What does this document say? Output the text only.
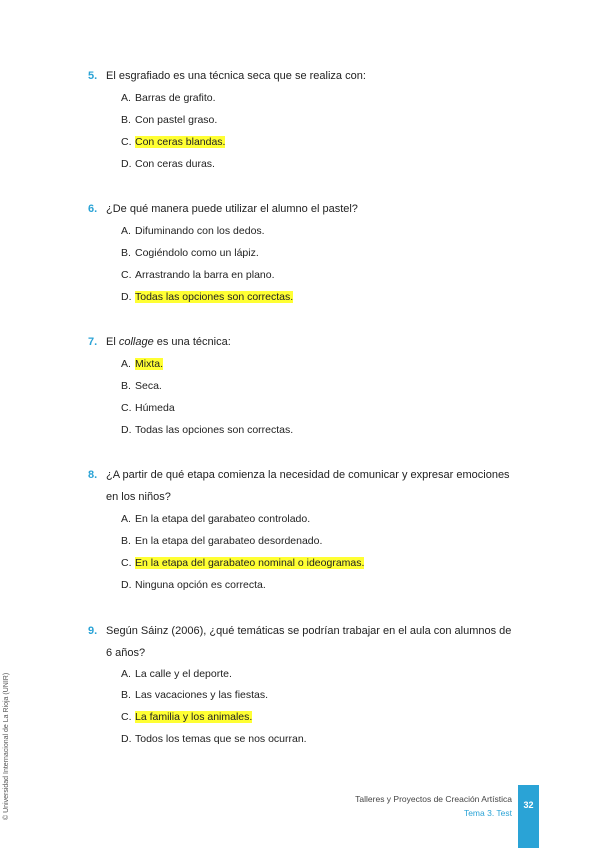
5. El esgrafiado es una técnica seca que se realiza con:
A. Barras de grafito.
B. Con pastel graso.
C. Con ceras blandas.
D. Con ceras duras.
6. ¿De qué manera puede utilizar el alumno el pastel?
A. Difuminando con los dedos.
B. Cogiéndolo como un lápiz.
C. Arrastrando la barra en plano.
D. Todas las opciones son correctas.
7. El collage es una técnica:
A. Mixta.
B. Seca.
C. Húmeda
D. Todas las opciones son correctas.
8. ¿A partir de qué etapa comienza la necesidad de comunicar y expresar emociones
en los niños?
A. En la etapa del garabateo controlado.
B. En la etapa del garabateo desordenado.
C. En la etapa del garabateo nominal o ideogramas.
D. Ninguna opción es correcta.
9. Según Sáinz (2006), ¿qué temáticas se podrían trabajar en el aula con alumnos de
6 años?
A. La calle y el deporte.
B. Las vacaciones y las fiestas.
C. La familia y los animales.
D. Todos los temas que se nos ocurran.
© Universidad Internacional de La Rioja (UNIR)	Talleres y Proyectos de Creación Artística
Tema 3. Test
32
